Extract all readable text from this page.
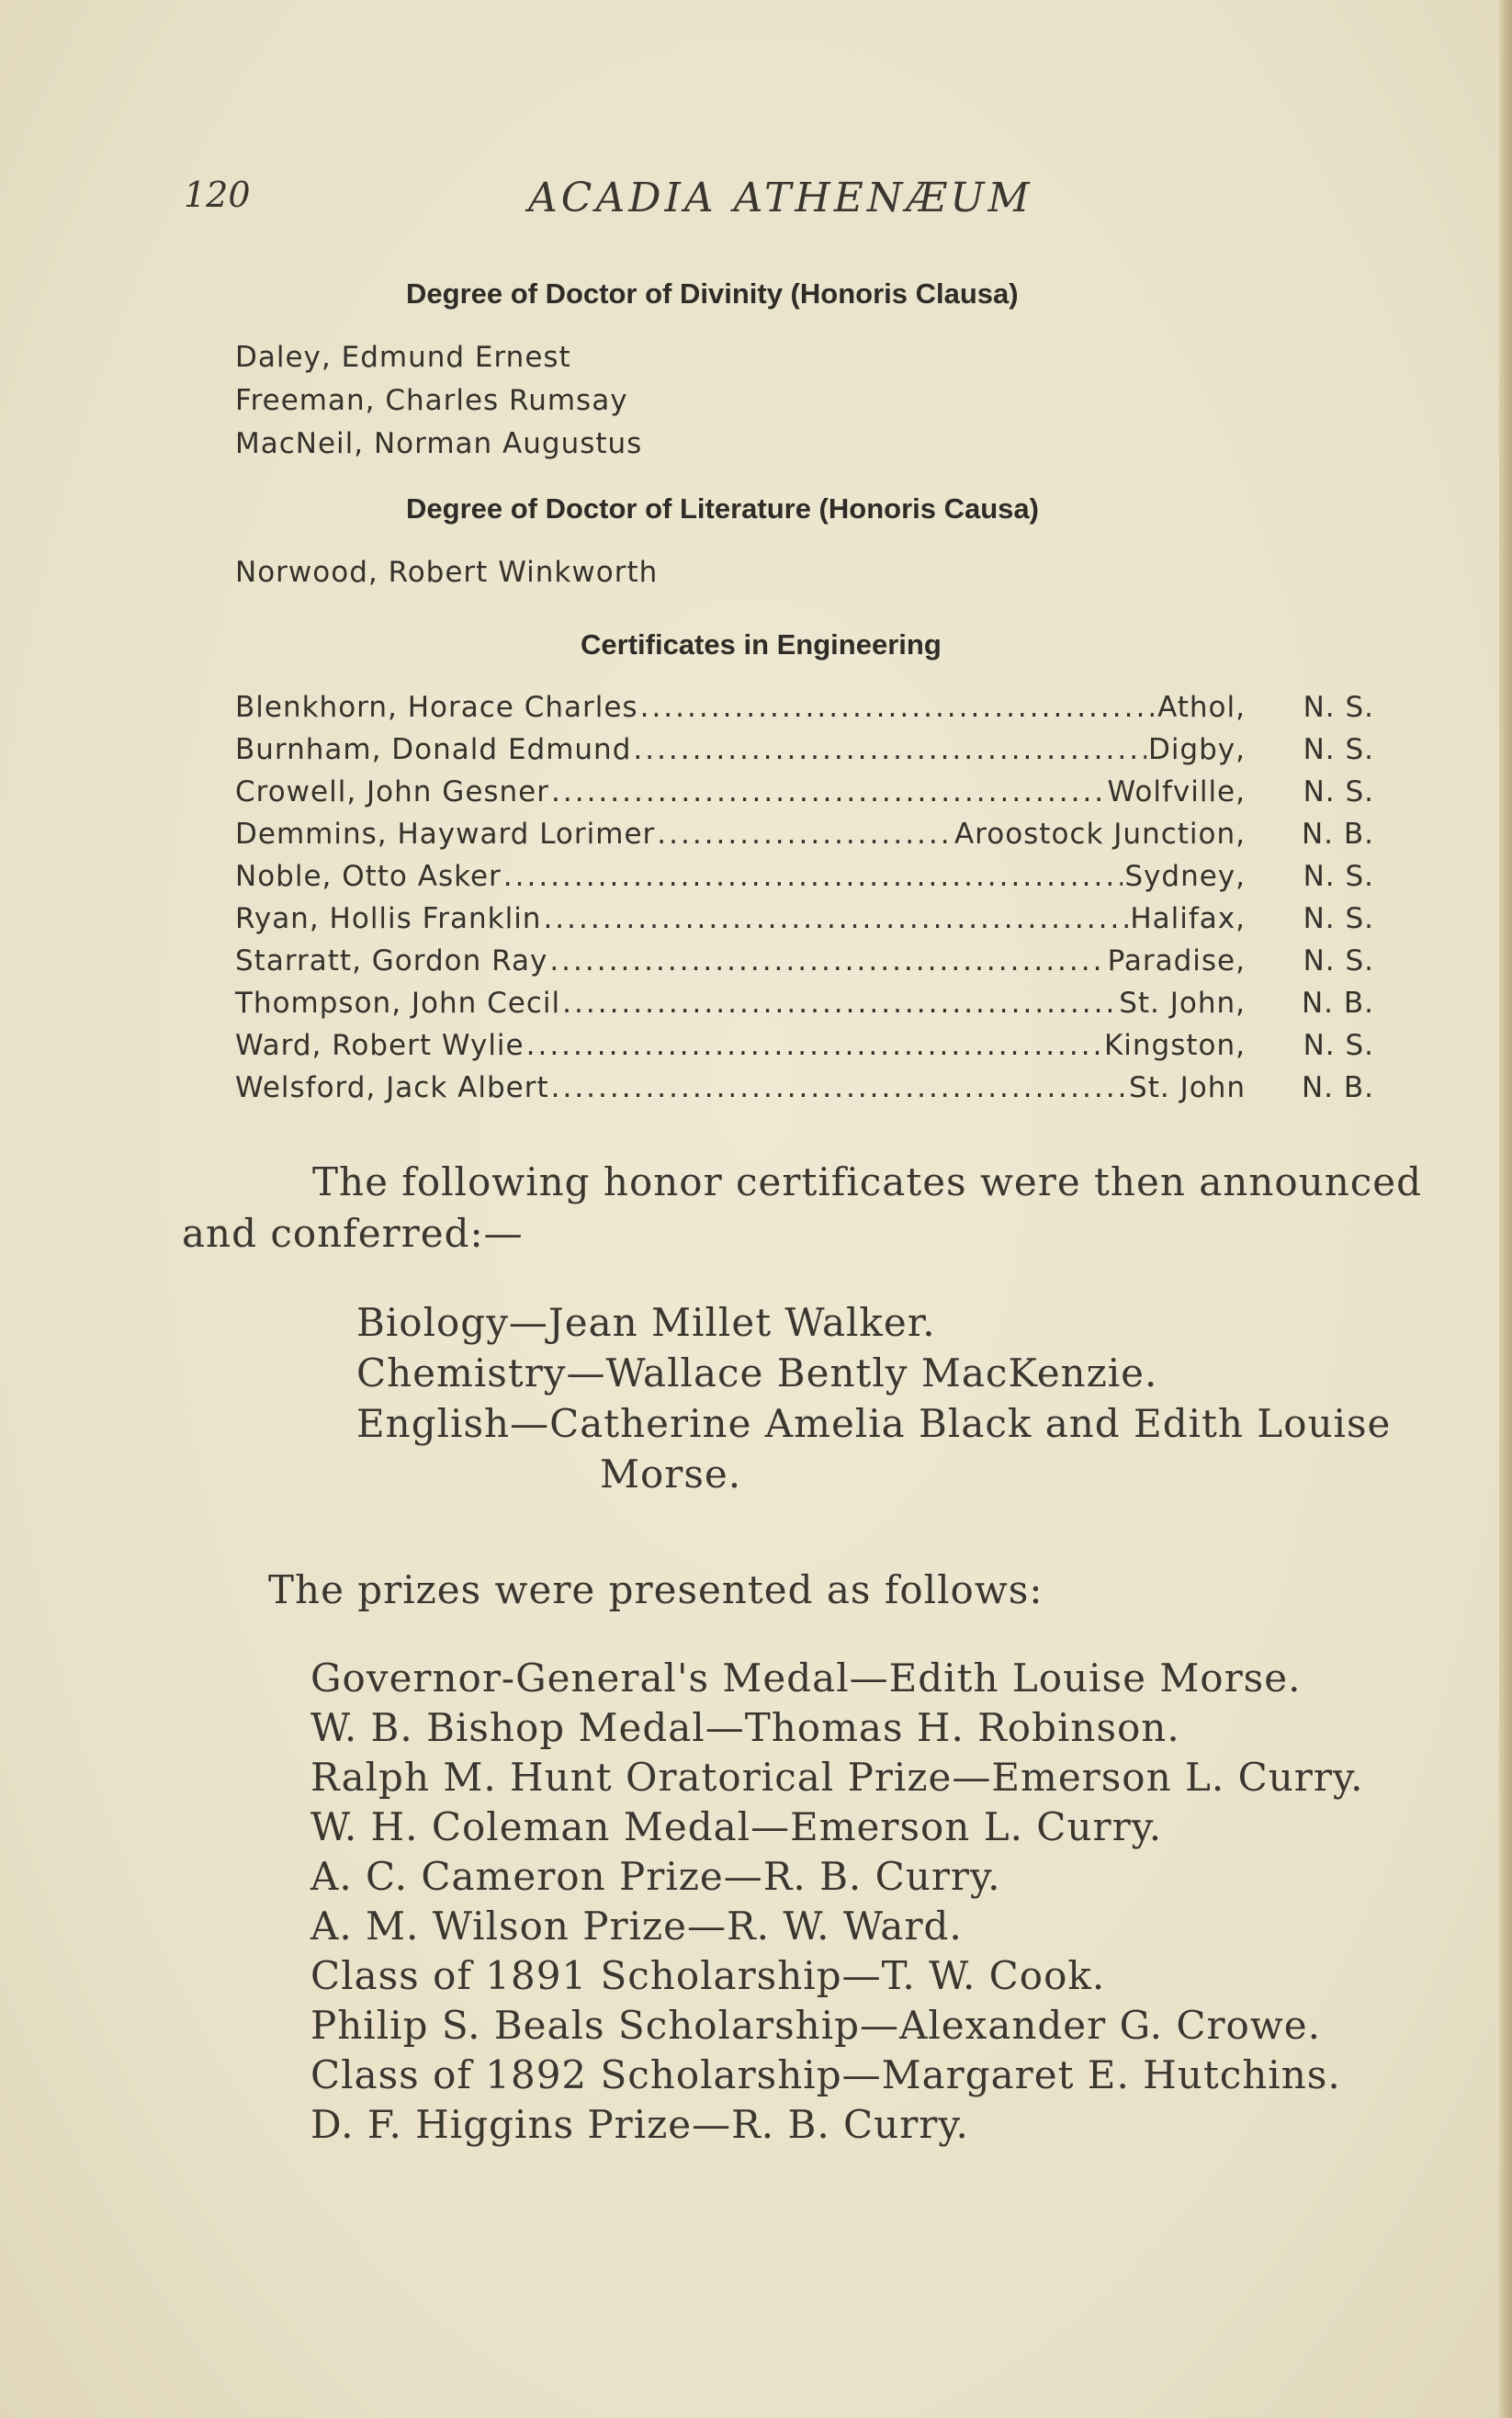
120	ACADIA ATHENÆUM
Degree of Doctor of Divinity (Honoris Clausa)
Daley, Edmund Ernest
Freeman, Charles Rumsay
MacNeil, Norman Augustus
Degree of Doctor of Literature (Honoris Causa)
Norwood, Robert Winkworth
Certificates in Engineering
Blenkhorn, Horace Charles .....	Athol,	N. S.
Burnham, Donald Edmund .....	Digby,	N. S.
Crowell, John Gesner .....	Wolfville,	N. S.
Demmins, Hayward Lorimer .....	Aroostock Junction,	N. B.
Noble, Otto Asker .....	Sydney,	N. S.
Ryan, Hollis Franklin .....	Halifax,	N. S.
Starratt, Gordon Ray .....	Paradise,	N. S.
Thompson, John Cecil .....	St. John,	N. B.
Ward, Robert Wylie .....	Kingston,	N. S.
Welsford, Jack Albert .....	St. John	N. B.
The following honor certificates were then announced
and conferred:—
Biology—Jean Millet Walker.
Chemistry—Wallace Bently MacKenzie.
English—Catherine Amelia Black and Edith Louise
Morse.
The prizes were presented as follows:
Governor-General's Medal—Edith Louise Morse.
W. B. Bishop Medal—Thomas H. Robinson.
Ralph M. Hunt Oratorical Prize—Emerson L. Curry.
W. H. Coleman Medal—Emerson L. Curry.
A. C. Cameron Prize—R. B. Curry.
A. M. Wilson Prize—R. W. Ward.
Class of 1891 Scholarship—T. W. Cook.
Philip S. Beals Scholarship—Alexander G. Crowe.
Class of 1892 Scholarship—Margaret E. Hutchins.
D. F. Higgins Prize—R. B. Curry.
